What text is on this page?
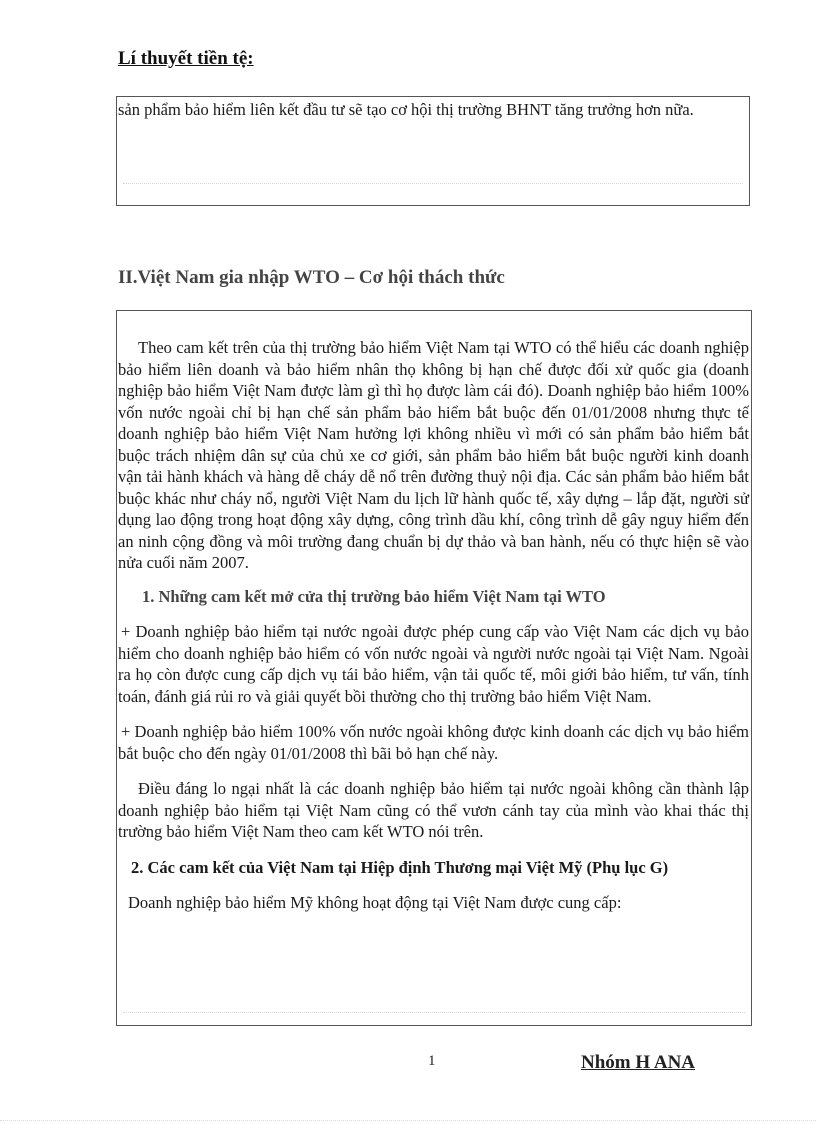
Lí thuyết tiền tệ:
sản phẩm bảo hiểm liên kết đầu tư sẽ tạo cơ hội thị trường BHNT tăng trưởng hơn nữa.
II.Việt Nam gia nhập WTO – Cơ hội thách thức

Theo cam kết trên của thị trường bảo hiểm Việt Nam tại WTO có thể hiểu các doanh nghiệp bảo hiểm liên doanh và bảo hiểm nhân thọ không bị hạn chế được đối xử quốc gia (doanh nghiệp bảo hiểm Việt Nam được làm gì thì họ được làm cái đó). Doanh nghiệp bảo hiểm 100% vốn nước ngoài chỉ bị hạn chế sản phẩm bảo hiểm bắt buộc đến 01/01/2008 nhưng thực tế doanh nghiệp bảo hiểm Việt Nam hưởng lợi không nhiều vì mới có sản phẩm bảo hiểm bắt buộc trách nhiệm dân sự của chủ xe cơ giới, sản phẩm bảo hiểm bắt buộc người kinh doanh vận tải hành khách và hàng dễ cháy dễ nổ trên đường thuỷ nội địa. Các sản phẩm bảo hiểm bắt buộc khác như cháy nổ, người Việt Nam du lịch lữ hành quốc tế, xây dựng – lắp đặt, người sử dụng lao động trong hoạt động xây dựng, công trình dầu khí, công trình dễ gây nguy hiểm đến an ninh cộng đồng và môi trường đang chuẩn bị dự thảo và ban hành, nếu có thực hiện sẽ vào nửa cuối năm 2007.

1. Những cam kết mở cửa thị trường bảo hiểm Việt Nam tại WTO

+ Doanh nghiệp bảo hiểm tại nước ngoài được phép cung cấp vào Việt Nam các dịch vụ bảo hiểm cho doanh nghiệp bảo hiểm có vốn nước ngoài và người nước ngoài tại Việt Nam. Ngoài ra họ còn được cung cấp dịch vụ tái bảo hiểm, vận tải quốc tế, môi giới bảo hiểm, tư vấn, tính toán, đánh giá rủi ro và giải quyết bồi thường cho thị trường bảo hiểm Việt Nam.

+ Doanh nghiệp bảo hiểm 100% vốn nước ngoài không được kinh doanh các dịch vụ bảo hiểm bắt buộc cho đến ngày 01/01/2008 thì bãi bỏ hạn chế này.

Điều đáng lo ngại nhất là các doanh nghiệp bảo hiểm tại nước ngoài không cần thành lập doanh nghiệp bảo hiểm tại Việt Nam cũng có thể vươn cánh tay của mình vào khai thác thị trường bảo hiểm Việt Nam theo cam kết WTO nói trên.

2. Các cam kết của Việt Nam tại Hiệp định Thương mại Việt Mỹ (Phụ lục G)

Doanh nghiệp bảo hiểm Mỹ không hoạt động tại Việt Nam được cung cấp:

1	Nhóm H ANA
